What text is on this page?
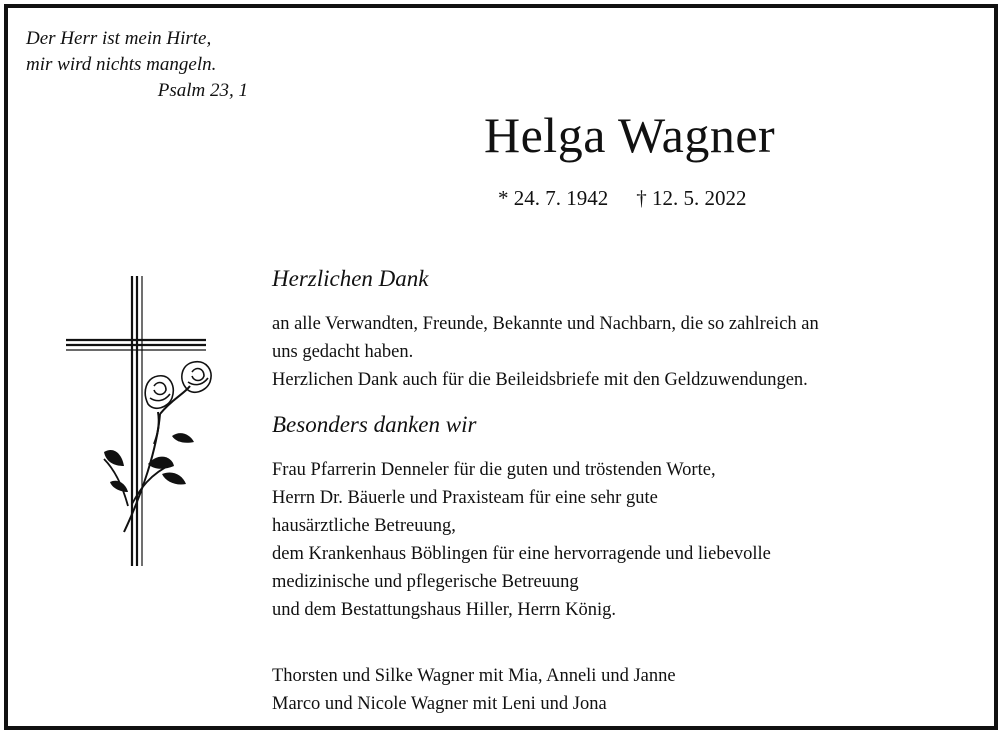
Der Herr ist mein Hirte,
mir wird nichts mangeln.
Psalm 23, 1
Helga Wagner
* 24. 7. 1942 † 12. 5. 2022
Herzlichen Dank
an alle Verwandten, Freunde, Bekannte und Nachbarn, die so zahlreich an
uns gedacht haben.
Herzlichen Dank auch für die Beileidsbriefe mit den Geldzuwendungen.
Besonders danken wir
Frau Pfarrerin Denneler für die guten und tröstenden Worte,
Herrn Dr. Bäuerle und Praxisteam für eine sehr gute
hausärztliche Betreuung,
dem Krankenhaus Böblingen für eine hervorragende und liebevolle
medizinische und pflegerische Betreuung
und dem Bestattungshaus Hiller, Herrn König.
Thorsten und Silke Wagner mit Mia, Anneli und Janne
Marco und Nicole Wagner mit Leni und Jona
